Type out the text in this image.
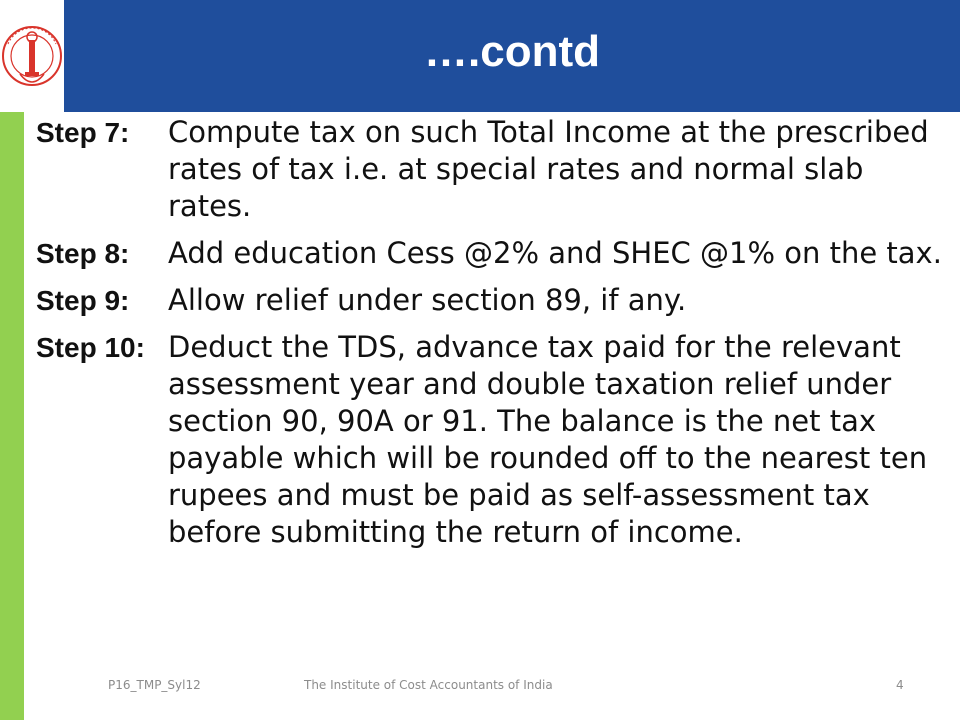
….contd
Step 7:	Compute tax on such Total Income at the prescribed rates of tax i.e. at special rates and normal slab rates.
Step 8:	Add education Cess @2% and SHEC @1% on the tax.
Step 9:	Allow relief under section 89, if any.
Step 10: Deduct the TDS, advance tax paid for the relevant assessment year and double taxation relief under section 90, 90A or 91. The balance is the net tax payable which will be rounded off to the nearest ten rupees and must be paid as self-assessment tax before submitting the return of income.
P16_TMP_Syl12	The Institute of Cost Accountants of India	4
